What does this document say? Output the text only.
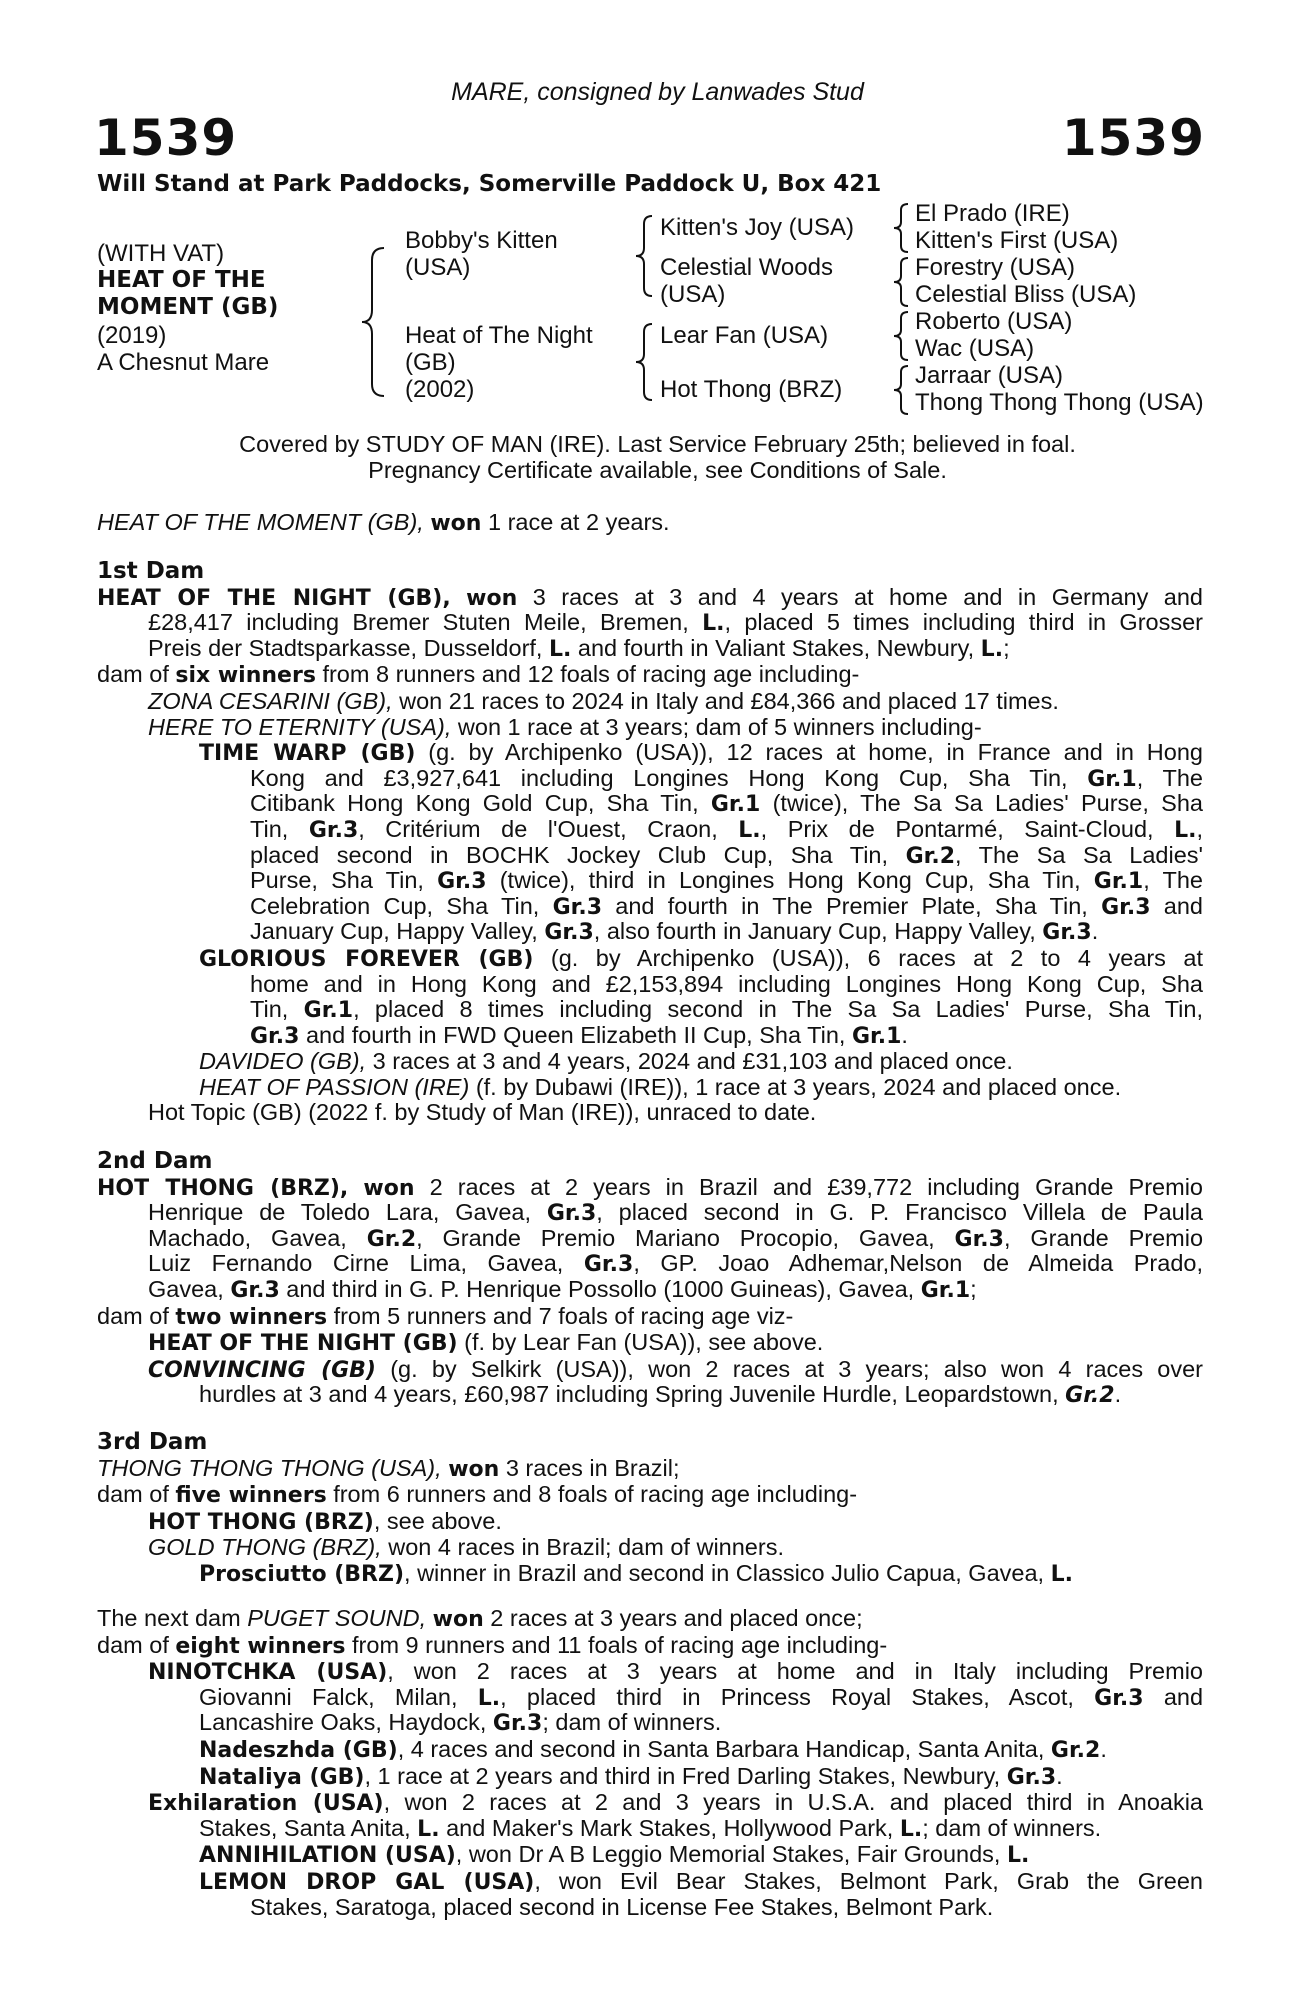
MARE, consigned by Lanwades Stud
1539	1539
Will Stand at Park Paddocks, Somerville Paddock U, Box 421
(WITH VAT)
HEAT OF THE
MOMENT (GB)
(2019)
A Chesnut Mare
Bobby's Kitten
(USA)
Heat of The Night
(GB)
(2002)
Kitten's Joy (USA)
Celestial Woods
(USA)
Lear Fan (USA)
Hot Thong (BRZ)
El Prado (IRE)
Kitten's First (USA)
Forestry (USA)
Celestial Bliss (USA)
Roberto (USA)
Wac (USA)
Jarraar (USA)
Thong Thong Thong (USA)
Covered by STUDY OF MAN (IRE). Last Service February 25th; believed in foal.
Pregnancy Certificate available, see Conditions of Sale.
HEAT OF THE MOMENT (GB), won 1 race at 2 years.
1st Dam
HEAT OF THE NIGHT (GB), won 3 races at 3 and 4 years at home and in Germany and
£28,417 including Bremer Stuten Meile, Bremen, L., placed 5 times including third in Grosser
Preis der Stadtsparkasse, Dusseldorf, L. and fourth in Valiant Stakes, Newbury, L.;
dam of six winners from 8 runners and 12 foals of racing age including-
ZONA CESARINI (GB), won 21 races to 2024 in Italy and £84,366 and placed 17 times.
HERE TO ETERNITY (USA), won 1 race at 3 years; dam of 5 winners including-
TIME WARP (GB) (g. by Archipenko (USA)), 12 races at home, in France and in Hong
Kong and £3,927,641 including Longines Hong Kong Cup, Sha Tin, Gr.1, The
Citibank Hong Kong Gold Cup, Sha Tin, Gr.1 (twice), The Sa Sa Ladies' Purse, Sha
Tin, Gr.3, Critérium de l'Ouest, Craon, L., Prix de Pontarmé, Saint-Cloud, L.,
placed second in BOCHK Jockey Club Cup, Sha Tin, Gr.2, The Sa Sa Ladies'
Purse, Sha Tin, Gr.3 (twice), third in Longines Hong Kong Cup, Sha Tin, Gr.1, The
Celebration Cup, Sha Tin, Gr.3 and fourth in The Premier Plate, Sha Tin, Gr.3 and
January Cup, Happy Valley, Gr.3, also fourth in January Cup, Happy Valley, Gr.3.
GLORIOUS FOREVER (GB) (g. by Archipenko (USA)), 6 races at 2 to 4 years at
home and in Hong Kong and £2,153,894 including Longines Hong Kong Cup, Sha
Tin, Gr.1, placed 8 times including second in The Sa Sa Ladies' Purse, Sha Tin,
Gr.3 and fourth in FWD Queen Elizabeth II Cup, Sha Tin, Gr.1.
DAVIDEO (GB), 3 races at 3 and 4 years, 2024 and £31,103 and placed once.
HEAT OF PASSION (IRE) (f. by Dubawi (IRE)), 1 race at 3 years, 2024 and placed once.
Hot Topic (GB) (2022 f. by Study of Man (IRE)), unraced to date.
2nd Dam
HOT THONG (BRZ), won 2 races at 2 years in Brazil and £39,772 including Grande Premio
Henrique de Toledo Lara, Gavea, Gr.3, placed second in G. P. Francisco Villela de Paula
Machado, Gavea, Gr.2, Grande Premio Mariano Procopio, Gavea, Gr.3, Grande Premio
Luiz Fernando Cirne Lima, Gavea, Gr.3, GP. Joao Adhemar,Nelson de Almeida Prado,
Gavea, Gr.3 and third in G. P. Henrique Possollo (1000 Guineas), Gavea, Gr.1;
dam of two winners from 5 runners and 7 foals of racing age viz-
HEAT OF THE NIGHT (GB) (f. by Lear Fan (USA)), see above.
CONVINCING (GB) (g. by Selkirk (USA)), won 2 races at 3 years; also won 4 races over
hurdles at 3 and 4 years, £60,987 including Spring Juvenile Hurdle, Leopardstown, Gr.2.
3rd Dam
THONG THONG THONG (USA), won 3 races in Brazil;
dam of five winners from 6 runners and 8 foals of racing age including-
HOT THONG (BRZ), see above.
GOLD THONG (BRZ), won 4 races in Brazil; dam of winners.
Prosciutto (BRZ), winner in Brazil and second in Classico Julio Capua, Gavea, L.
The next dam PUGET SOUND, won 2 races at 3 years and placed once;
dam of eight winners from 9 runners and 11 foals of racing age including-
NINOTCHKA (USA), won 2 races at 3 years at home and in Italy including Premio
Giovanni Falck, Milan, L., placed third in Princess Royal Stakes, Ascot, Gr.3 and
Lancashire Oaks, Haydock, Gr.3; dam of winners.
Nadeszhda (GB), 4 races and second in Santa Barbara Handicap, Santa Anita, Gr.2.
Nataliya (GB), 1 race at 2 years and third in Fred Darling Stakes, Newbury, Gr.3.
Exhilaration (USA), won 2 races at 2 and 3 years in U.S.A. and placed third in Anoakia
Stakes, Santa Anita, L. and Maker's Mark Stakes, Hollywood Park, L.; dam of winners.
ANNIHILATION (USA), won Dr A B Leggio Memorial Stakes, Fair Grounds, L.
LEMON DROP GAL (USA), won Evil Bear Stakes, Belmont Park, Grab the Green
Stakes, Saratoga, placed second in License Fee Stakes, Belmont Park.
